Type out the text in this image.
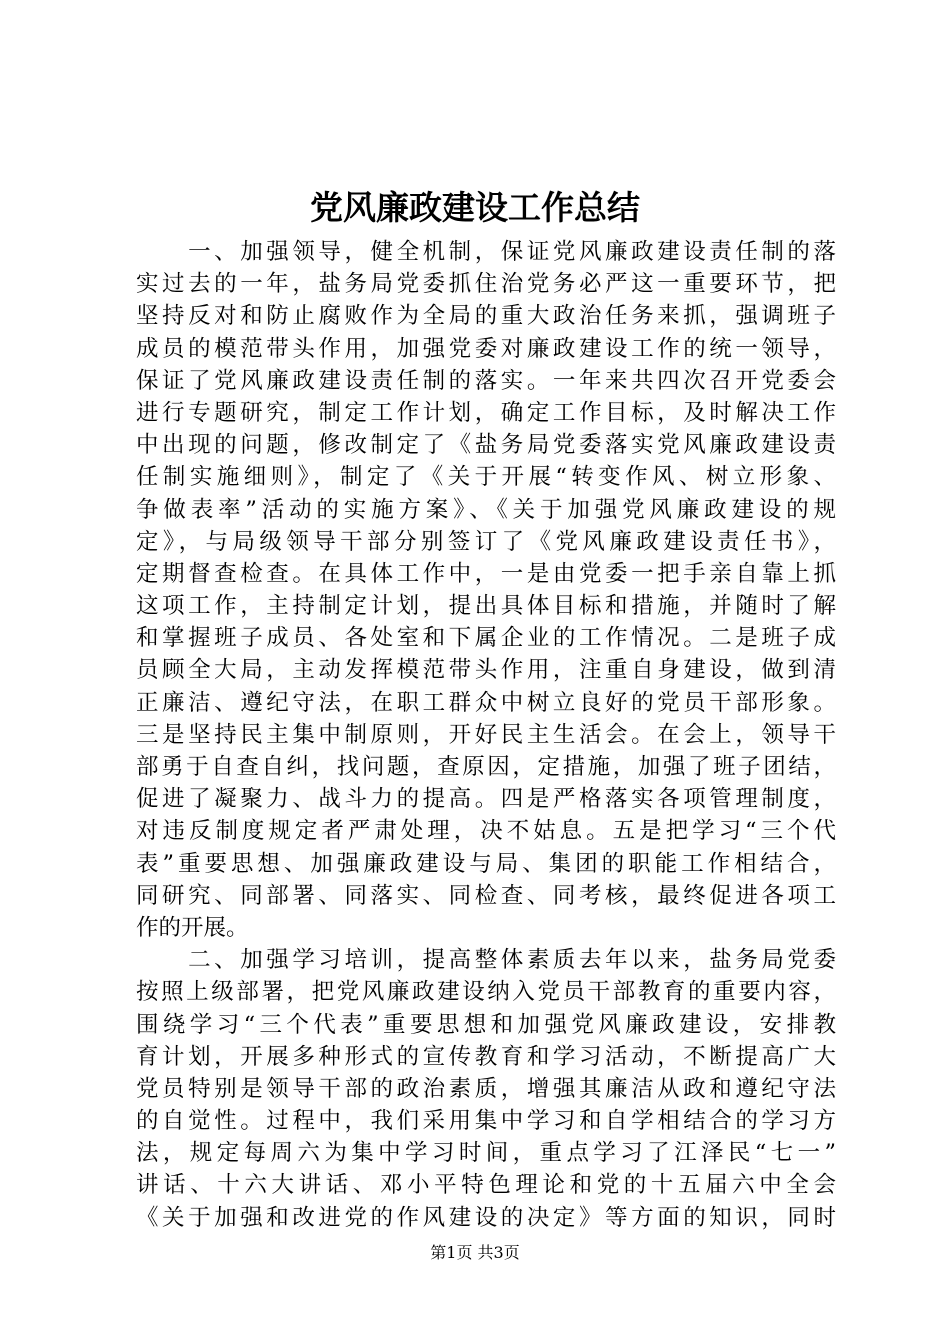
党风廉政建设工作总结

　　一、加强领导，健全机制，保证党风廉政建设责任制的落
实过去的一年，盐务局党委抓住治党务必严这一重要环节，把
坚持反对和防止腐败作为全局的重大政治任务来抓，强调班子
成员的模范带头作用，加强党委对廉政建设工作的统一领导，
保证了党风廉政建设责任制的落实。一年来共四次召开党委会
进行专题研究，制定工作计划，确定工作目标，及时解决工作
中出现的问题，修改制定了《盐务局党委落实党风廉政建设责
任制实施细则》，制定了《关于开展“转变作风、树立形象、
争做表率”活动的实施方案》、《关于加强党风廉政建设的规
定》，与局级领导干部分别签订了《党风廉政建设责任书》，
定期督查检查。在具体工作中，一是由党委一把手亲自靠上抓
这项工作，主持制定计划，提出具体目标和措施，并随时了解
和掌握班子成员、各处室和下属企业的工作情况。二是班子成
员顾全大局，主动发挥模范带头作用，注重自身建设，做到清
正廉洁、遵纪守法，在职工群众中树立良好的党员干部形象。
三是坚持民主集中制原则，开好民主生活会。在会上，领导干
部勇于自查自纠，找问题，查原因，定措施，加强了班子团结，
促进了凝聚力、战斗力的提高。四是严格落实各项管理制度，
对违反制度规定者严肃处理，决不姑息。五是把学习“三个代
表”重要思想、加强廉政建设与局、集团的职能工作相结合，
同研究、同部署、同落实、同检查、同考核，最终促进各项工
作的开展。

　　二、加强学习培训，提高整体素质去年以来，盐务局党委
按照上级部署，把党风廉政建设纳入党员干部教育的重要内容，
围绕学习“三个代表”重要思想和加强党风廉政建设，安排教
育计划，开展多种形式的宣传教育和学习活动，不断提高广大
党员特别是领导干部的政治素质，增强其廉洁从政和遵纪守法
的自觉性。过程中，我们采用集中学习和自学相结合的学习方
法，规定每周六为集中学习时间，重点学习了江泽民“七一”
讲话、十六大讲话、邓小平特色理论和党的十五届六中全会
《关于加强和改进党的作风建设的决定》等方面的知识，同时

第1页 共3页
